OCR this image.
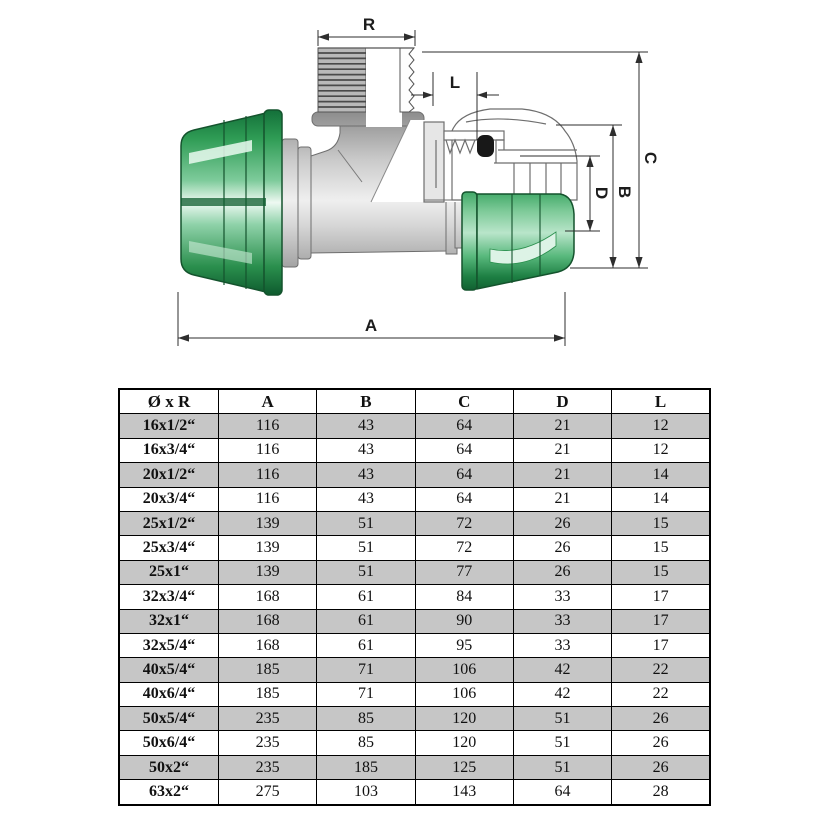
R
L
A
C
B
D
Ø x R	A	B	C	D	L
16x1/2“	116	43	64	21	12
16x3/4“	116	43	64	21	12
20x1/2“	116	43	64	21	14
20x3/4“	116	43	64	21	14
25x1/2“	139	51	72	26	15
25x3/4“	139	51	72	26	15
25x1“	139	51	77	26	15
32x3/4“	168	61	84	33	17
32x1“	168	61	90	33	17
32x5/4“	168	61	95	33	17
40x5/4“	185	71	106	42	22
40x6/4“	185	71	106	42	22
50x5/4“	235	85	120	51	26
50x6/4“	235	85	120	51	26
50x2“	235	185	125	51	26
63x2“	275	103	143	64	28
